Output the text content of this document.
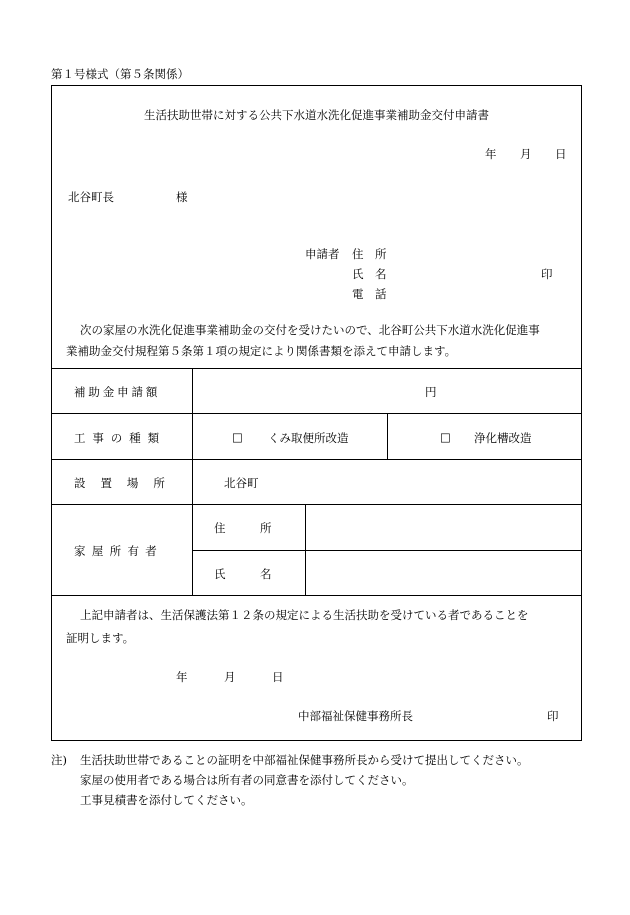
第１号様式（第５条関係）
生活扶助世帯に対する公共下水道水洗化促進事業補助金交付申請書
年 月 日
北谷町長	様
申請者 住　所
氏　名	印
電　話
次の家屋の水洗化促進事業補助金の交付を受けたいので、北谷町公共下水道水洗化促進事
業補助金交付規程第５条第１項の規定により関係書類を添えて申請します。
補助金申請額	円
工事の種類	□ くみ取便所改造	□ 浄化槽改造
設置場所	北谷町
家屋所有者
住　　　所
氏　　　名
上記申請者は、生活保護法第１２条の規定による生活扶助を受けている者であることを
証明します。
年	月	日
中部福祉保健事務所長	印
注) 生活扶助世帯であることの証明を中部福祉保健事務所長から受けて提出してください。
家屋の使用者である場合は所有者の同意書を添付してください。
工事見積書を添付してください。
